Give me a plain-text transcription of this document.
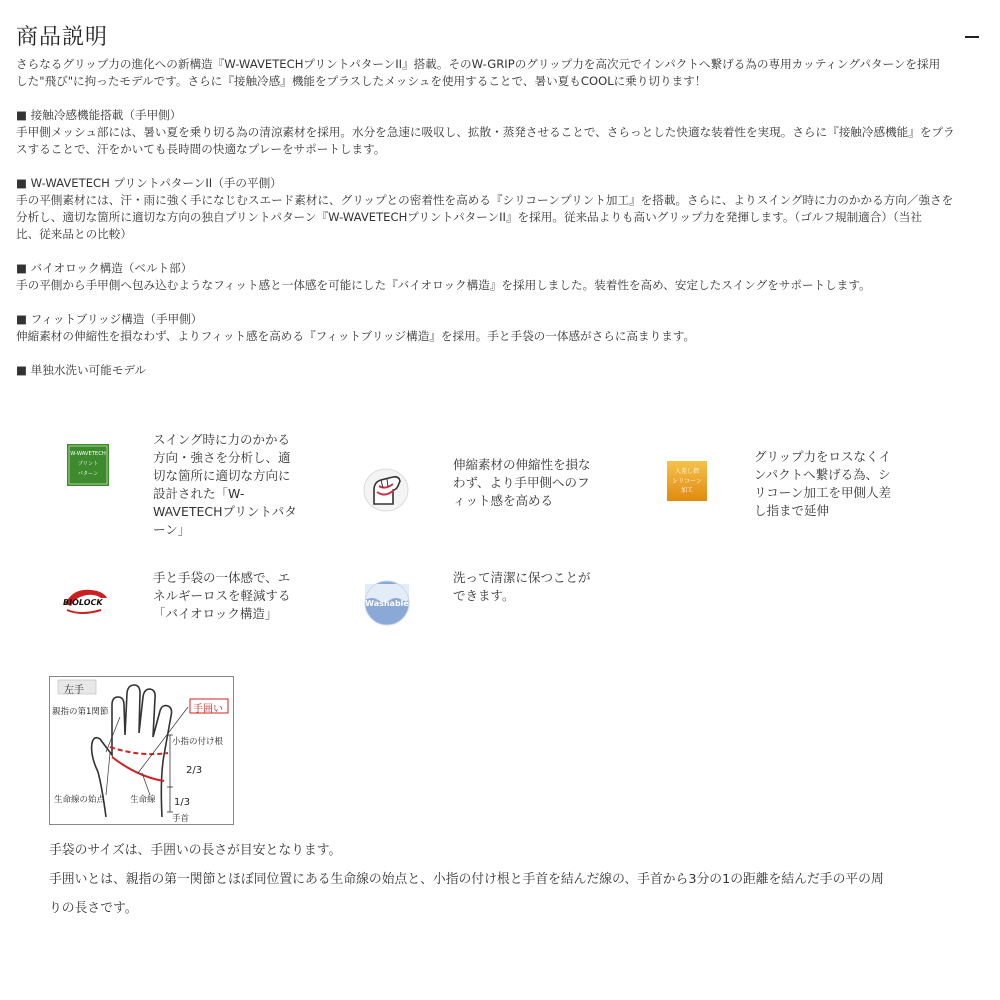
商品説明

さらなるグリップ力の進化への新構造『W-WAVETECHプリントパターンII』搭載。そのW-GRIPのグリップ力を高次元でインパクトへ繋げる為の専用カッティングパターンを採用

した"飛び"に拘ったモデルです。さらに『接触冷感』機能をプラスしたメッシュを使用することで、暑い夏もCOOLに乗り切ります！

■ 接触冷感機能搭載（手甲側）

手甲側メッシュ部には、暑い夏を乗り切る為の清涼素材を採用。水分を急速に吸収し、拡散・蒸発させることで、さらっとした快適な装着性を実現。さらに『接触冷感機能』をプラ

スすることで、汗をかいても長時間の快適なプレーをサポートします。

■ W-WAVETECH プリントパターンII（手の平側）

手の平側素材には、汗・雨に強く手になじむスエード素材に、グリップとの密着性を高める『シリコーンプリント加工』を搭載。さらに、よりスイング時に力のかかる方向／強さを

分析し、適切な箇所に適切な方向の独自プリントパターン『W-WAVETECHプリントパターンII』を採用。従来品よりも高いグリップ力を発揮します。（ゴルフ規制適合）（当社

比、従来品との比較）

■ バイオロック構造（ベルト部）

手の平側から手甲側へ包み込むようなフィット感と一体感を可能にした『バイオロック構造』を採用しました。装着性を高め、安定したスイングをサポートします。

■ フィットブリッジ構造（手甲側）

伸縮素材の伸縮性を損なわず、よりフィット感を高める『フィットブリッジ構造』を採用。手と手袋の一体感がさらに高まります。

■ 単独水洗い可能モデル

W-WAVETECH
プリント
パターン
スイング時に力のかかる
方向・強さを分析し、適
切な箇所に適切な方向に
設計された「W-
WAVETECHプリントパタ
ーン」
伸縮素材の伸縮性を損な
わず、より手甲側へのフ
ィット感を高める
人差し指
シリコーン
加工
グリップ力をロスなくイ
ンパクトへ繋げる為、シ
リコーン加工を甲側人差
し指まで延伸
BIOLOCK
手と手袋の一体感で、エ
ネルギーロスを軽減する
「バイオロック構造」
Washable
洗って清潔に保つことが
できます。
左手
手囲い
親指の第1関節
小指の付け根
2/3
生命線の始点	生命線 1/3
手首

手袋のサイズは、手囲いの長さが目安となります。

手囲いとは、親指の第一関節とほぼ同位置にある生命線の始点と、小指の付け根と手首を結んだ線の、手首から3分の1の距離を結んだ手の平の周

りの長さです。
